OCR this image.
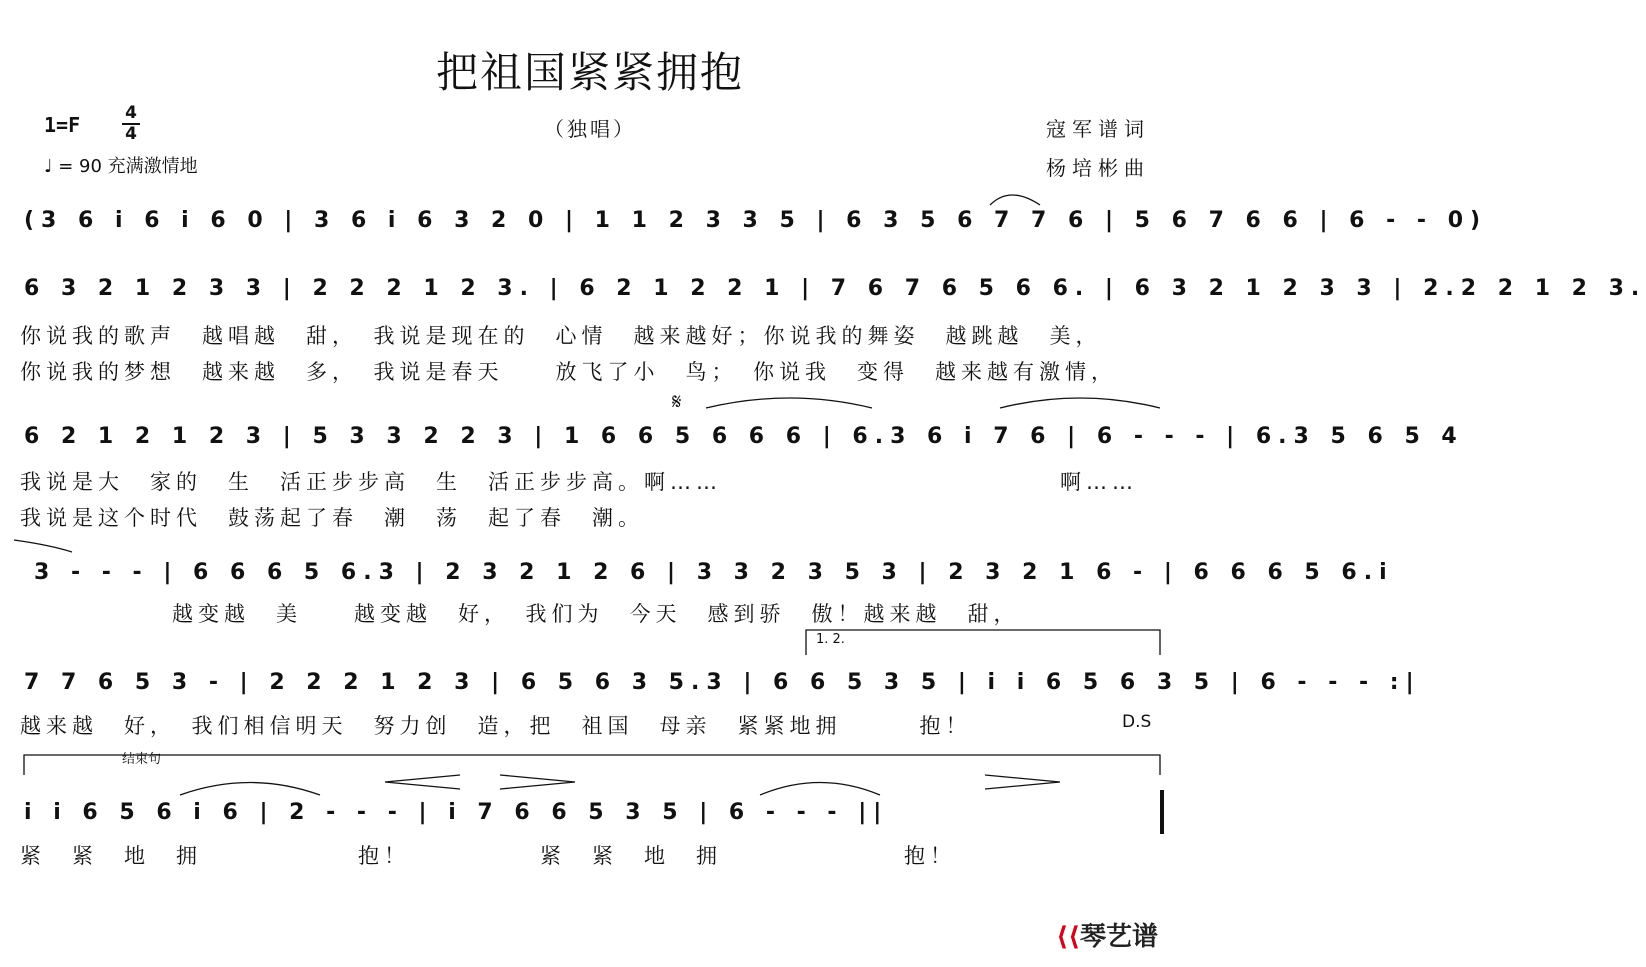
把祖国紧紧拥抱
1=F	4
4
♩ = 90 充满激情地
（独唱）	寇军谱词
杨培彬曲
(3 6 i 6 i 6 0 | 3 6 i 6 3 2 0 | 1 1 2 3 3 5 | 6 3 5 6 7 7 6 | 5 6 7 6 6 | 6 - - 0)
6 3 2 1 2 3 3 | 2 2 2 1 2 3. | 6 2 1 2 2 1 | 7 6 7 6 5 6 6. | 6 3 2 1 2 3 3 | 2.2 2 1 2 3.
你说我的歌声　越唱越　甜，　我说是现在的　心情　越来越好；你说我的舞姿　越跳越　美，
你说我的梦想　越来越　多，　我说是春天　　放飞了小　鸟；　你说我　变得　越来越有激情，
6 2 1 2 1 2 3 | 5 3 3 2 2 3 | 1 6 6 5 6 6 6 | 6.3 6 i 7 6 | 6 - - - | 6.3 5 6 5 4
我说是大　家的　生　活正步步高　生　活正步步高。啊……　　　　　　　　　　　　　啊……
我说是这个时代　鼓荡起了春　潮　荡　起了春　潮。
𝄋
3 - - - | 6 6 6 5 6.3 | 2 3 2 1 2 6 | 3 3 2 3 5 3 | 2 3 2 1 6 - | 6 6 6 5 6.i
越变越　美　　越变越　好，　我们为　今天　感到骄　傲！越来越　甜，
1. 2.
7 7 6 5 3 - | 2 2 2 1 2 3 | 6 5 6 3 5.3 | 6 6 5 3 5 | i i 6 5 6 3 5 | 6 - - - :|
越来越　好，　我们相信明天　努力创　造，把　祖国　母亲　紧紧地拥　　　抱！	D.S
结束句
i i 6 5 6 i 6 | 2 - - - | i 7 6 6 5 3 5 | 6 - - - ||
紧　紧　地　拥　　　　　　抱！　　　　　紧　紧　地　拥　　　　　　　抱！
⟨⟨琴艺谱
